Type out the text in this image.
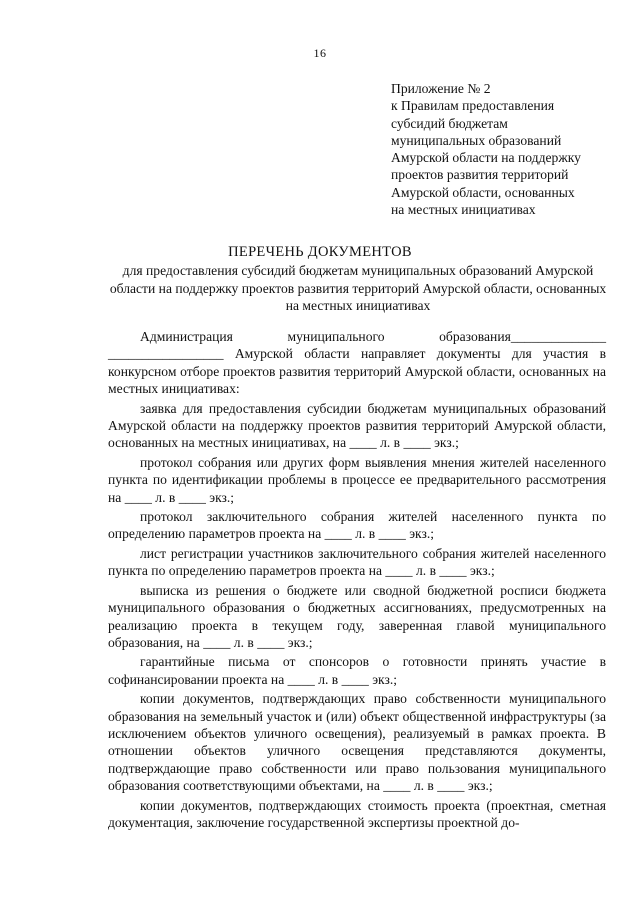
16
Приложение № 2
к Правилам предоставления
субсидий бюджетам
муниципальных образований
Амурской области на поддержку
проектов развития территорий
Амурской области, основанных
на местных инициативах
ПЕРЕЧЕНЬ ДОКУМЕНТОВ
для предоставления субсидий бюджетам муниципальных образований Амурской области на поддержку проектов развития территорий Амурской области, основанных на местных инициативах

Администрация муниципального образования______________ _________________ Амурской области направляет документы для участия в конкурсном отборе проектов развития территорий Амурской области, основанных на местных инициативах:

заявка для предоставления субсидии бюджетам муниципальных образований Амурской области на поддержку проектов развития территорий Амурской области, основанных на местных инициативах, на ____ л. в ____ экз.;

протокол собрания или других форм выявления мнения жителей населенного пункта по идентификации проблемы в процессе ее предварительного рассмотрения на ____ л. в ____ экз.;

протокол заключительного собрания жителей населенного пункта по определению параметров проекта на ____ л. в ____ экз.;

лист регистрации участников заключительного собрания жителей населенного пункта по определению параметров проекта на ____ л. в ____ экз.;

выписка из решения о бюджете или сводной бюджетной росписи бюджета муниципального образования о бюджетных ассигнованиях, предусмотренных на реализацию проекта в текущем году, заверенная главой муниципального образования, на ____ л. в ____ экз.;

гарантийные письма от спонсоров о готовности принять участие в софинансировании проекта на ____ л. в ____ экз.;

копии документов, подтверждающих право собственности муниципального образования на земельный участок и (или) объект общественной инфраструктуры (за исключением объектов уличного освещения), реализуемый в рамках проекта. В отношении объектов уличного освещения представляются документы, подтверждающие право собственности или право пользования муниципального образования соответствующими объектами, на ____ л. в ____ экз.;

копии документов, подтверждающих стоимость проекта (проектная, сметная документация, заключение государственной экспертизы проектной до-
